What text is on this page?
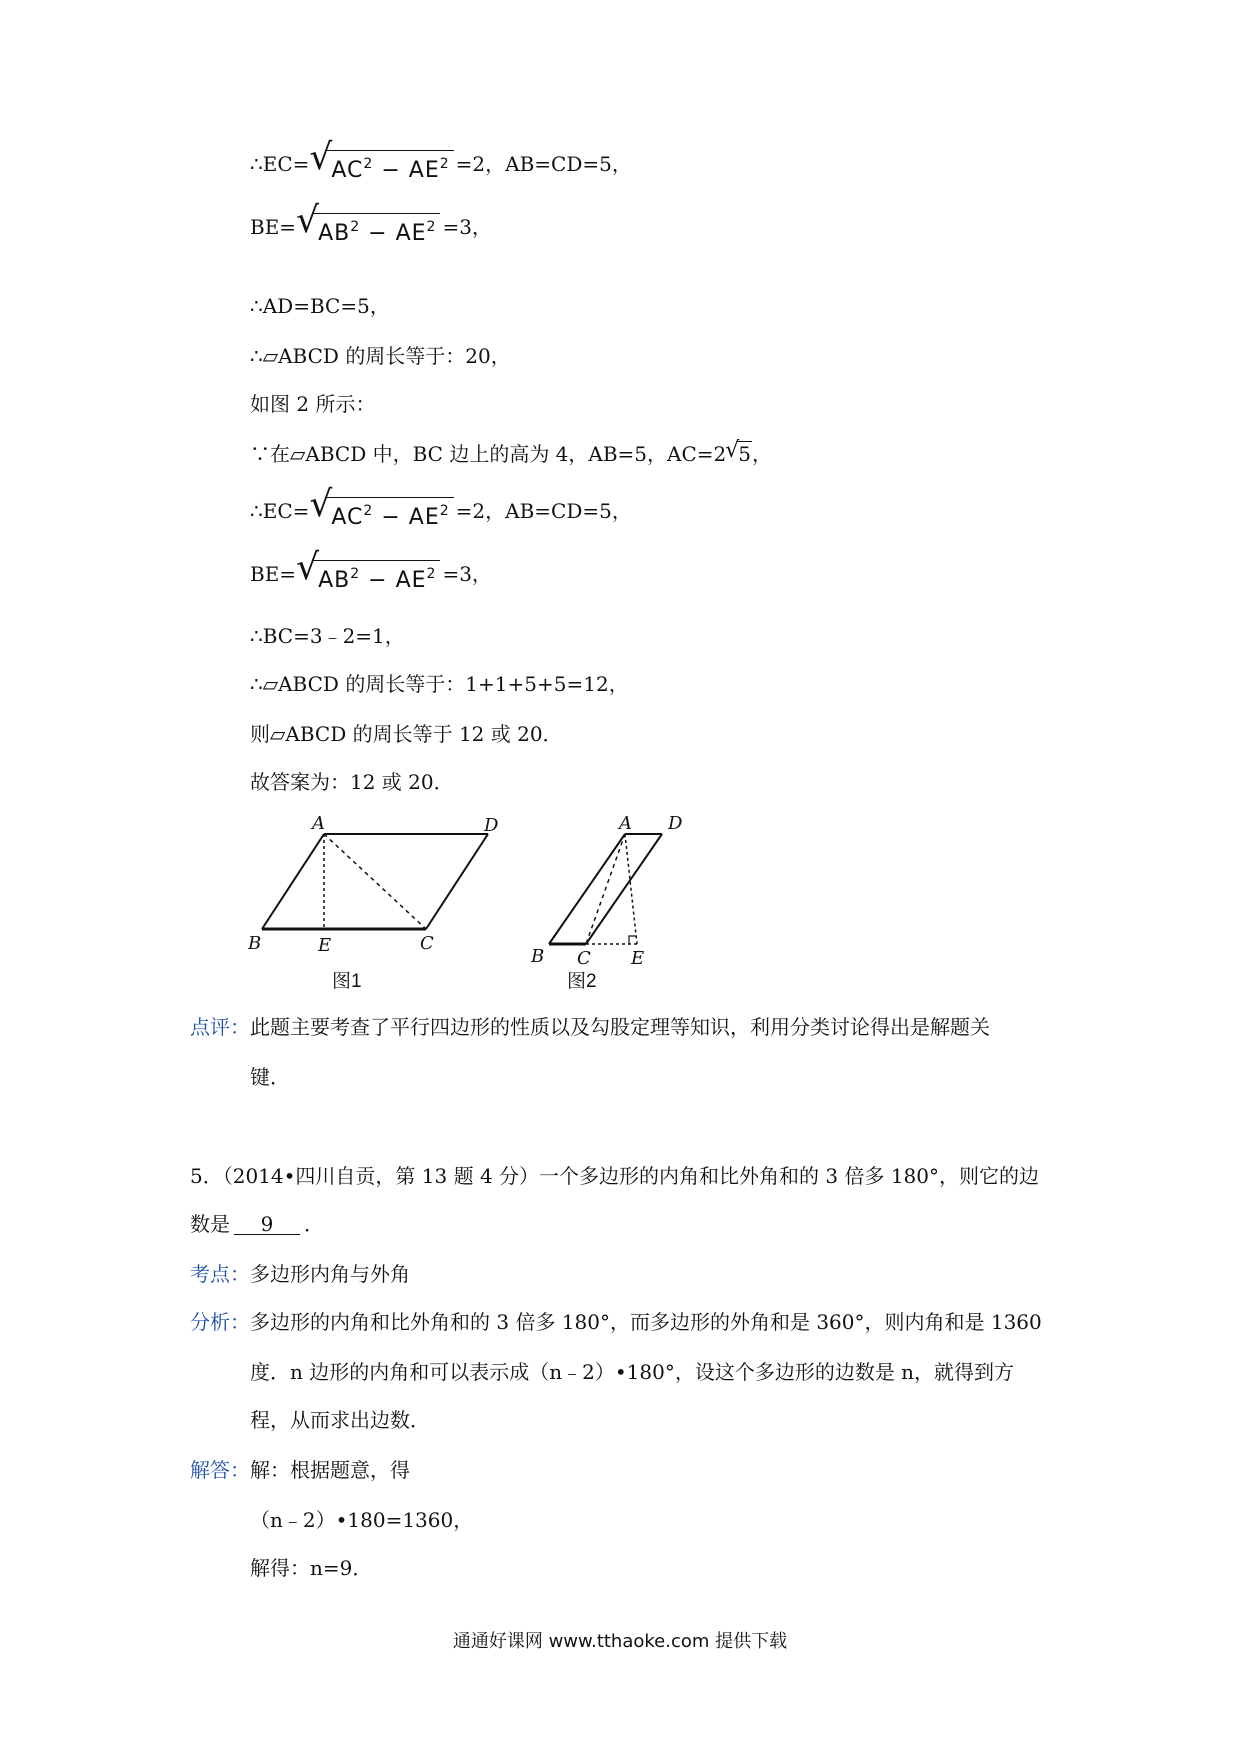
∴EC= √ $AC^2 - AE^2 =2$，AB=CD=5，
BE= √ $AB^2 - AE^2 =3$，
∴AD=BC=5，
∴▱ABCD 的周长等于：20，
如图 2 所示：
∵在▱ABCD 中，BC 边上的高为 4，AB=5，AC=2 √ 5，
∴EC= √ $AC^2 - AE^2 =2$，AB=CD=5，
BE= √ $AB^2 - AE^2 =3$，
∴BC=3﹣2=1，
∴▱ABCD 的周长等于：1+1+5+5=12，
则▱ABCD 的周长等于 12 或 20．
故答案为：12 或 20．
A	D
B	E	C
图1
A D
B C E
图2
点评：此题主要考查了平行四边形的性质以及勾股定理等知识，利用分类讨论得出是解题关
键．
5．（2014•四川自贡，第 13 题 4 分）一个多边形的内角和比外角和的 3 倍多 180°，则它的边
数是 9 ．
考点：多边形内角与外角
分析：多边形的内角和比外角和的 3 倍多 180°，而多边形的外角和是 360°，则内角和是 1360
度．n 边形的内角和可以表示成（n﹣2）•180°，设这个多边形的边数是 n，就得到方
程，从而求出边数．
解答：解：根据题意，得
（n﹣2）•180=1360，
解得：n=9．
通通好课网 www.tthaoke.com 提供下载
